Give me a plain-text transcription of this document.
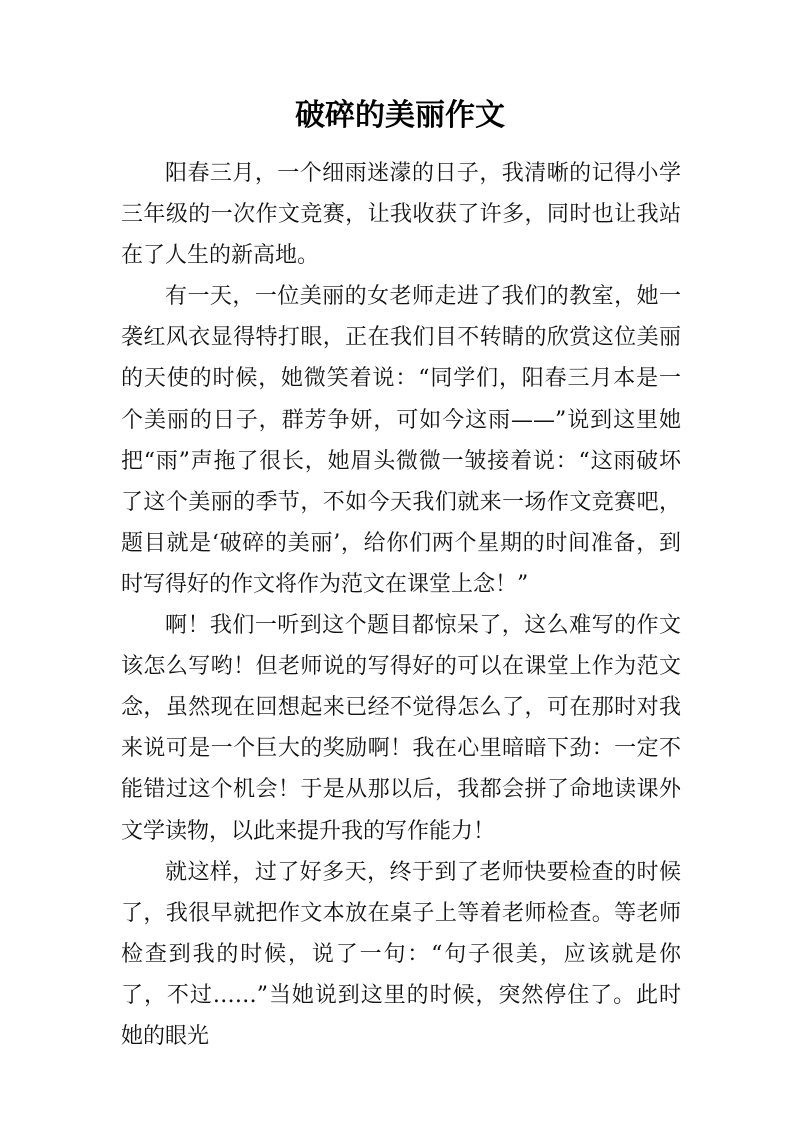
破碎的美丽作文

阳春三月，一个细雨迷濛的日子，我清晰的记得小学三年级的一次作文竞赛，让我收获了许多，同时也让我站在了人生的新高地。

有一天，一位美丽的女老师走进了我们的教室，她一袭红风衣显得特打眼，正在我们目不转睛的欣赏这位美丽的天使的时候，她微笑着说：“同学们，阳春三月本是一个美丽的日子，群芳争妍，可如今这雨——”说到这里她把“雨”声拖了很长，她眉头微微一皱接着说：“这雨破坏了这个美丽的季节，不如今天我们就来一场作文竞赛吧，题目就是‘破碎的美丽’，给你们两个星期的时间准备，到时写得好的作文将作为范文在课堂上念！”

啊！我们一听到这个题目都惊呆了，这么难写的作文该怎么写哟！但老师说的写得好的可以在课堂上作为范文念，虽然现在回想起来已经不觉得怎么了，可在那时对我来说可是一个巨大的奖励啊！我在心里暗暗下劲：一定不能错过这个机会！于是从那以后，我都会拼了命地读课外文学读物，以此来提升我的写作能力！

就这样，过了好多天，终于到了老师快要检查的时候了，我很早就把作文本放在桌子上等着老师检查。等老师检查到我的时候，说了一句：“句子很美，应该就是你了，不过……”当她说到这里的时候，突然停住了。此时她的眼光
